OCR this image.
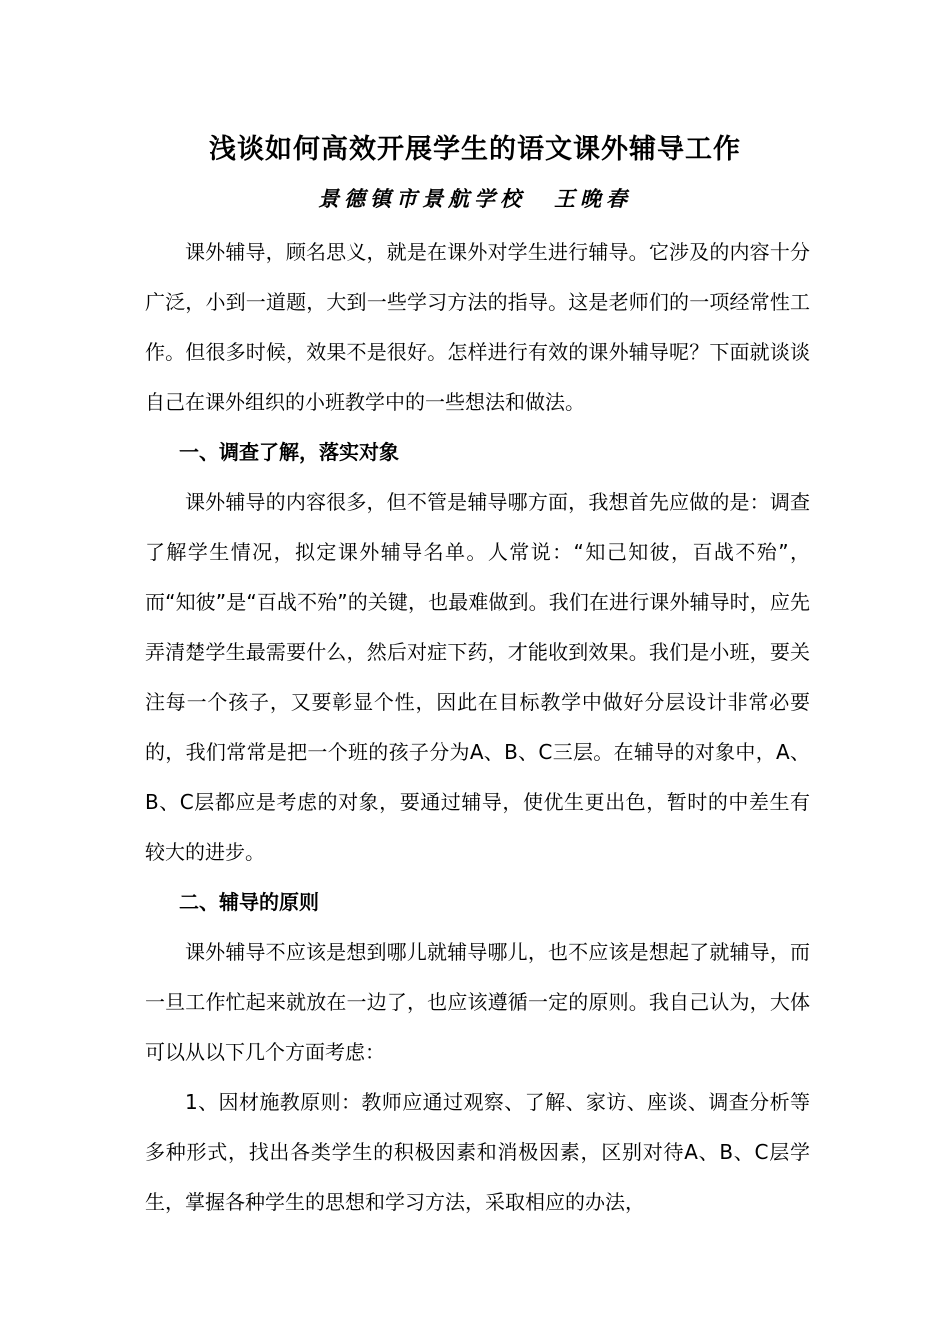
浅谈如何高效开展学生的语文课外辅导工作
景德镇市景航学校 王晚春

课外辅导，顾名思义，就是在课外对学生进行辅导。它涉及的内容十分广泛，小到一道题，大到一些学习方法的指导。这是老师们的一项经常性工作。但很多时候，效果不是很好。怎样进行有效的课外辅导呢？下面就谈谈自己在课外组织的小班教学中的一些想法和做法。

一、调查了解，落实对象

课外辅导的内容很多，但不管是辅导哪方面，我想首先应做的是：调查了解学生情况，拟定课外辅导名单。人常说：“知己知彼，百战不殆”，而“知彼”是“百战不殆”的关键，也最难做到。我们在进行课外辅导时，应先弄清楚学生最需要什么，然后对症下药，才能收到效果。我们是小班，要关注每一个孩子，又要彰显个性，因此在目标教学中做好分层设计非常必要的，我们常常是把一个班的孩子分为A、B、C三层。在辅导的对象中，A、B、C层都应是考虑的对象，要通过辅导，使优生更出色，暂时的中差生有较大的进步。

二、辅导的原则

课外辅导不应该是想到哪儿就辅导哪儿，也不应该是想起了就辅导，而一旦工作忙起来就放在一边了，也应该遵循一定的原则。我自己认为，大体可以从以下几个方面考虑：

1、因材施教原则：教师应通过观察、了解、家访、座谈、调查分析等多种形式，找出各类学生的积极因素和消极因素，区别对待A、B、C层学生，掌握各种学生的思想和学习方法，采取相应的办法，
